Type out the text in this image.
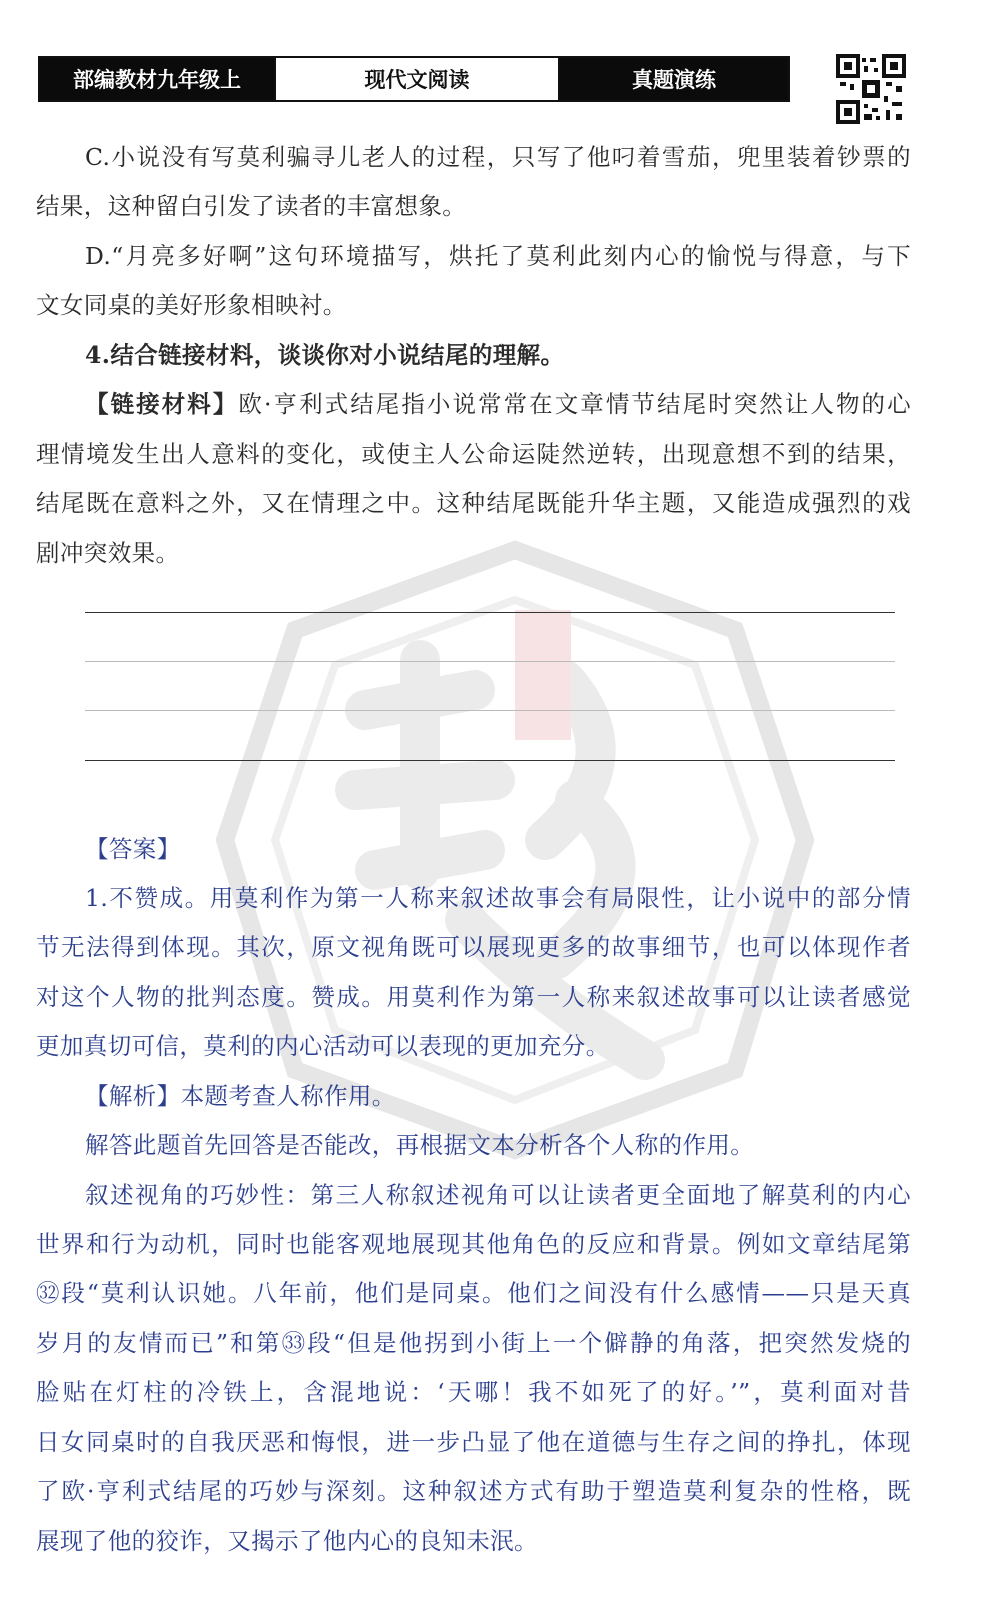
部编教材九年级上	现代文阅读	真题演练
C.小说没有写莫利骗寻儿老人的过程，只写了他叼着雪茄，兜里装着钞票的
结果，这种留白引发了读者的丰富想象。
D.“月亮多好啊”这句环境描写，烘托了莫利此刻内心的愉悦与得意，与下
文女同桌的美好形象相映衬。
4.结合链接材料，谈谈你对小说结尾的理解。
【链接材料】欧·亨利式结尾指小说常常在文章情节结尾时突然让人物的心
理情境发生出人意料的变化，或使主人公命运陡然逆转，出现意想不到的结果，
结尾既在意料之外，又在情理之中。这种结尾既能升华主题，又能造成强烈的戏
剧冲突效果。
【答案】
1.不赞成。用莫利作为第一人称来叙述故事会有局限性，让小说中的部分情
节无法得到体现。其次，原文视角既可以展现更多的故事细节，也可以体现作者
对这个人物的批判态度。赞成。用莫利作为第一人称来叙述故事可以让读者感觉
更加真切可信，莫利的内心活动可以表现的更加充分。
【解析】本题考查人称作用。
解答此题首先回答是否能改，再根据文本分析各个人称的作用。
叙述视角的巧妙性：第三人称叙述视角可以让读者更全面地了解莫利的内心
世界和行为动机，同时也能客观地展现其他角色的反应和背景。例如文章结尾第
㉜段“莫利认识她。八年前，他们是同桌。他们之间没有什么感情——只是天真
岁月的友情而已”和第㉝段“但是他拐到小街上一个僻静的角落，把突然发烧的
脸贴在灯柱的冷铁上，含混地说：‘天哪！我不如死了的好。’”，莫利面对昔
日女同桌时的自我厌恶和悔恨，进一步凸显了他在道德与生存之间的挣扎，体现
了欧·亨利式结尾的巧妙与深刻。这种叙述方式有助于塑造莫利复杂的性格，既
展现了他的狡诈，又揭示了他内心的良知未泯。
